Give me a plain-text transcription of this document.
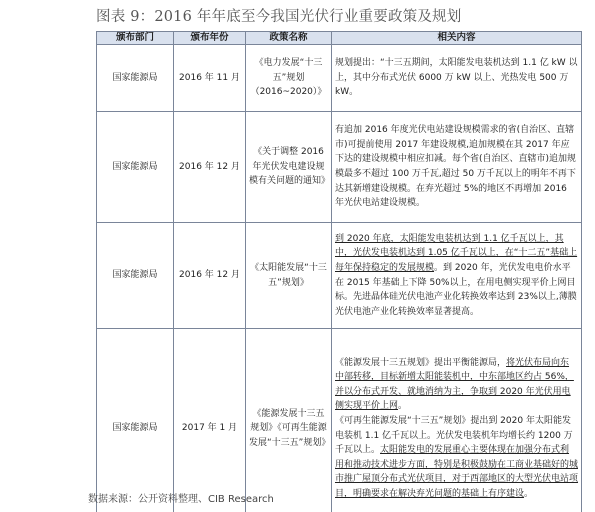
图表 9：2016 年年底至今我国光伏行业重要政策及规划
颁布部门	颁布年份	政策名称	相关内容
国家能源局	2016 年 11 月	《电力发展“十三五”规划（2016~2020）》	规划提出：“十三五期间，太阳能发电装机达到 1.1 亿 kW 以上，其中分布式光伏 6000 万 kW 以上、光热发电 500 万 kW。
国家能源局	2016 年 12 月	《关于调整 2016 年光伏发电建设规模有关问题的通知》	有追加 2016 年度光伏电站建设规模需求的省(自治区、直辖市)可提前使用 2017 年建设规模,追加规模在其 2017 年应下达的建设规模中相应扣减。每个省(自治区、直辖市)追加规模最多不超过 100 万千瓦,超过 50 万千瓦以上的明年不再下达其新增建设规模。在弃光超过 5%的地区不再增加 2016 年光伏电站建设规模。
国家能源局	2016 年 12 月	《太阳能发展“十三五”规划》	到 2020 年底，太阳能发电装机达到 1.1 亿千瓦以上，其中，光伏发电装机达到 1.05 亿千瓦以上，在“十二五”基础上每年保持稳定的发展规模。到 2020 年，光伏发电电价水平在 2015 年基础上下降 50%以上，在用电侧实现平价上网目标。先进晶体硅光伏电池产业化转换效率达到 23%以上,薄膜光伏电池产业化转换效率显著提高。
国家能源局	2017 年 1 月	《能源发展十三五规划》《可再生能源发展“十三五”规划》	《能源发展十三五规划》提出平衡能源局，将光伏布局向东中部转移，目标新增太阳能装机中，中东部地区约占 56%，并以分布式开发、就地消纳为主，争取到 2020 年光伏用电侧实现平价上网。
《可再生能源发展“十三五”规划》提出到 2020 年太阳能发电装机 1.1 亿千瓦以上。光伏发电装机年均增长约 1200 万千瓦以上。太阳能发电的发展重心主要体现在加强分布式利用和推动技术进步方面，特别是积极鼓励在工商业基础好的城市推广屋顶分布式光伏项目，对于西部地区的大型光伏电站项目，明确要求在解决弃光问题的基础上有序建设。
数据来源：公开资料整理、CIB Research
